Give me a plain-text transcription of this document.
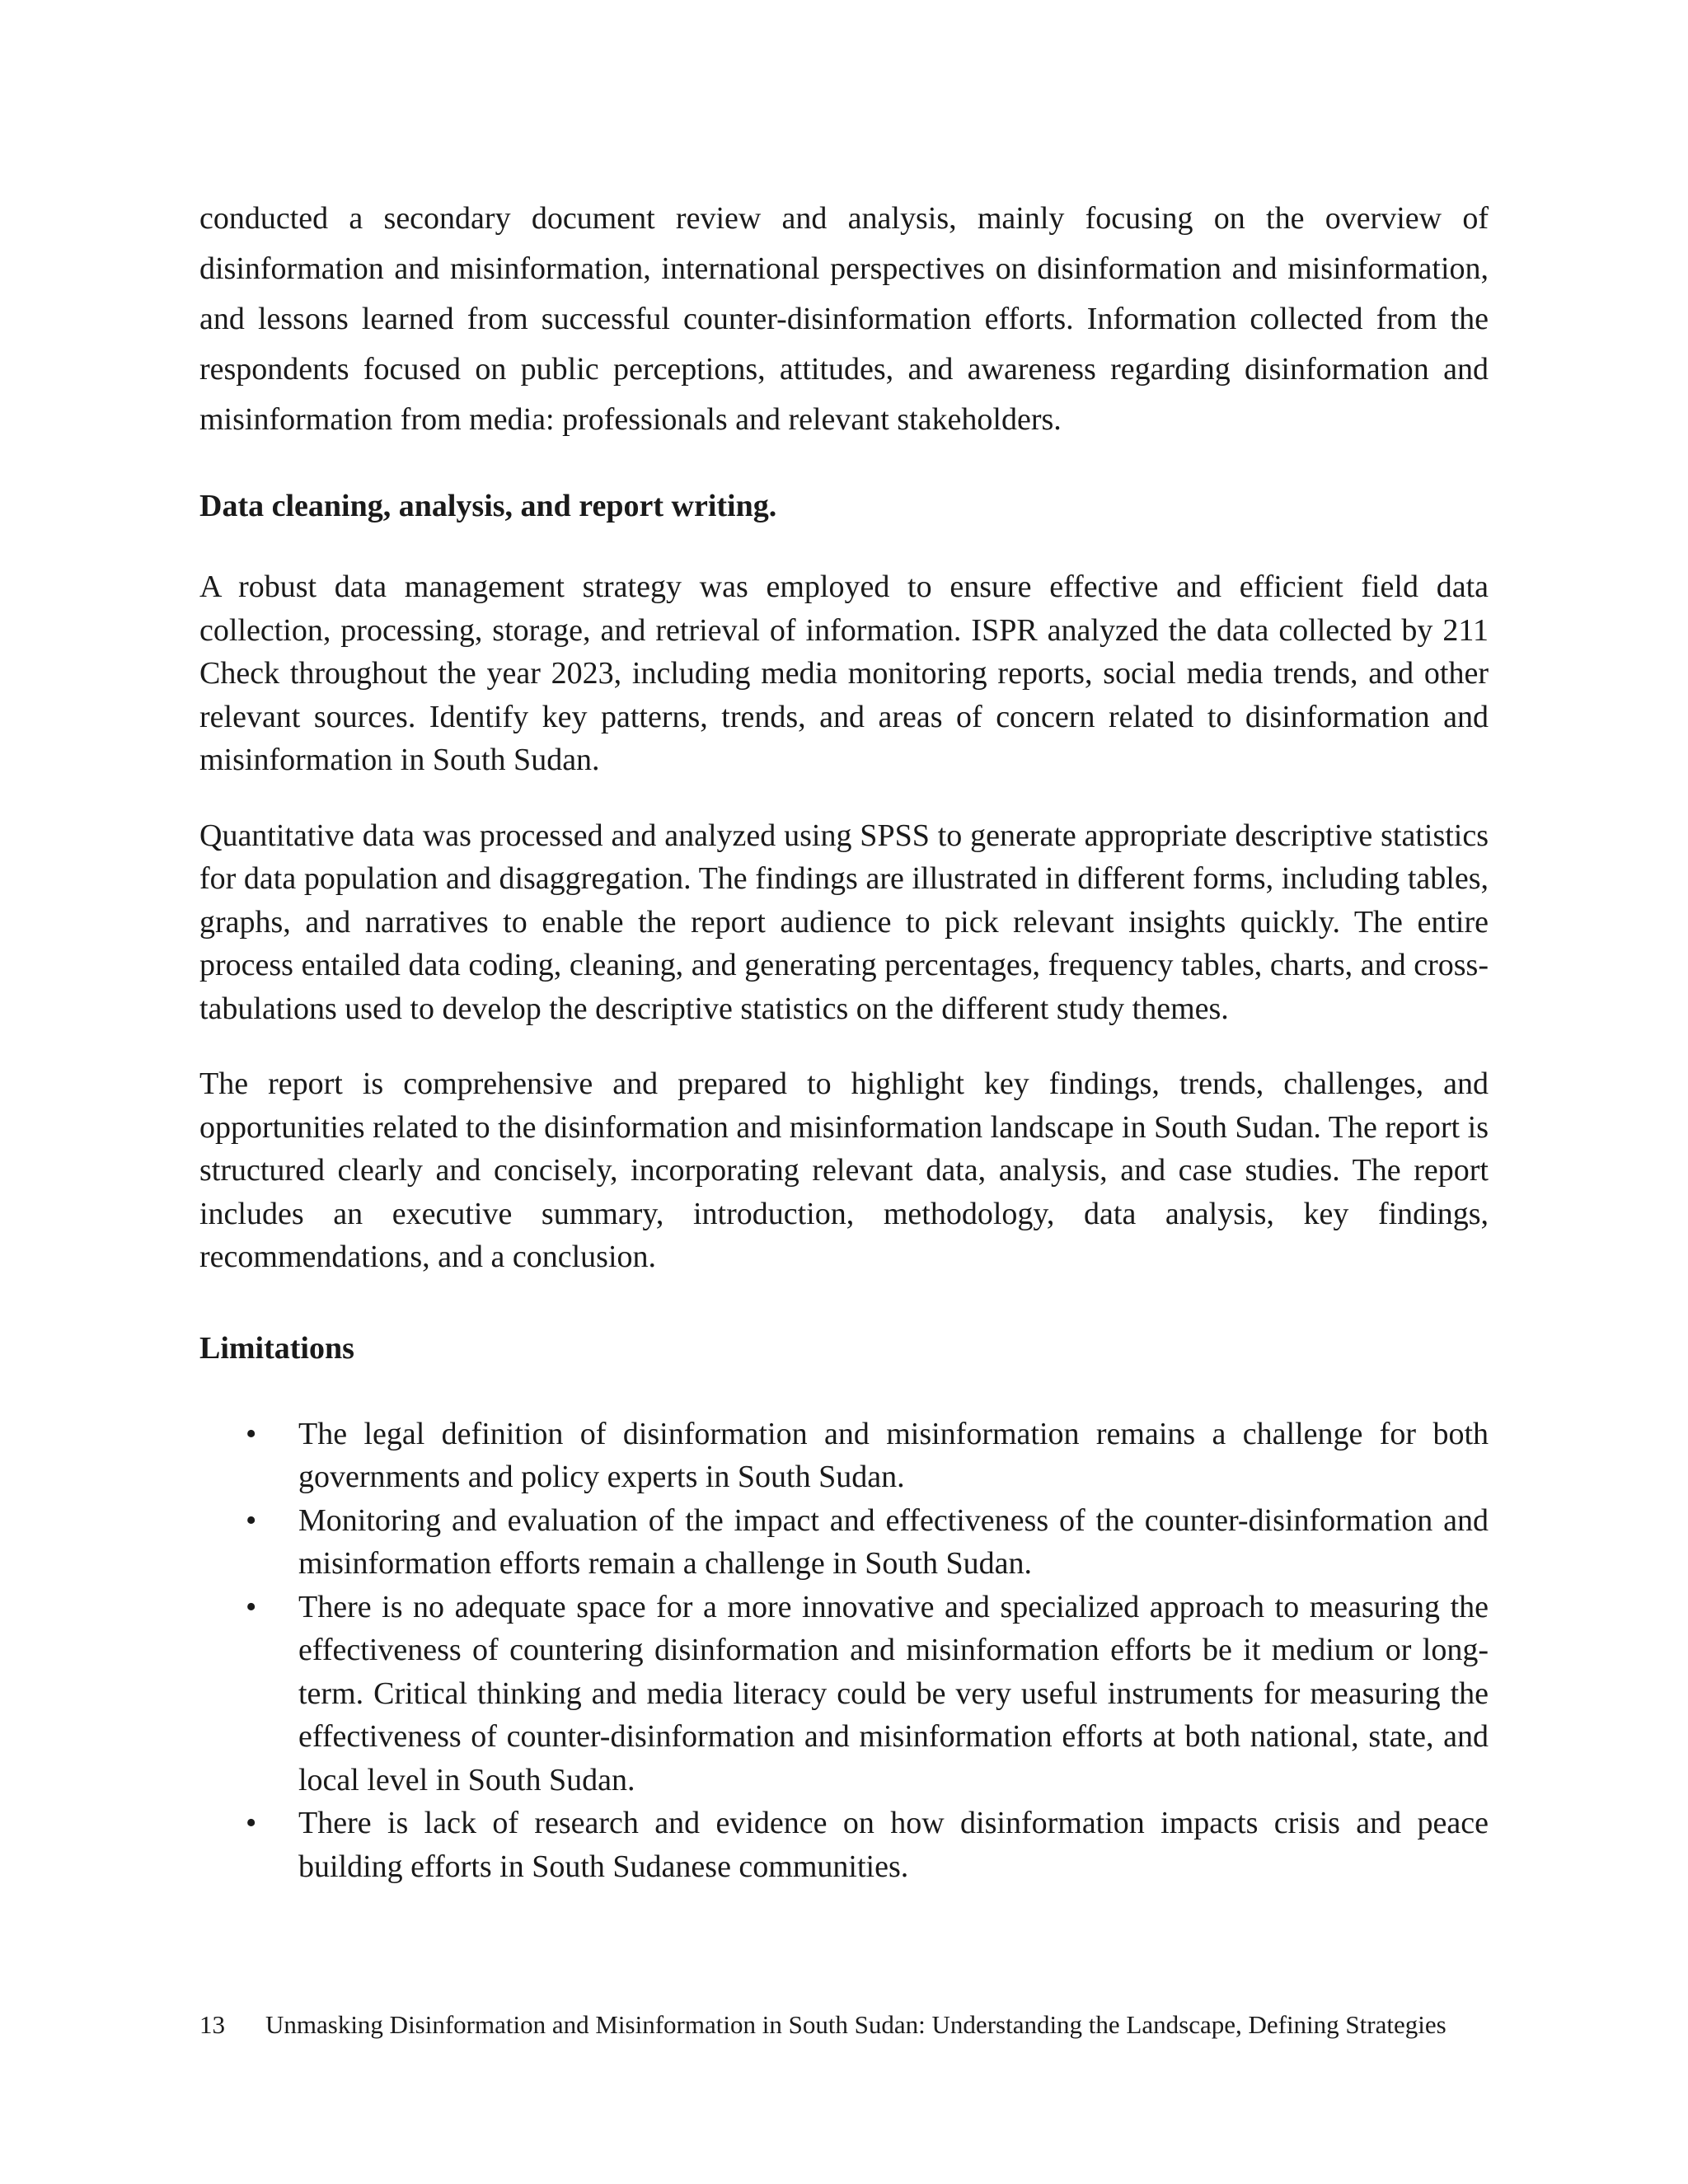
conducted a secondary document review and analysis, mainly focusing on the overview of disinformation and misinformation, international perspectives on disinformation and misinformation, and lessons learned from successful counter-disinformation efforts. Information collected from the respondents focused on public perceptions, attitudes, and awareness regarding disinformation and misinformation from media: professionals and relevant stakeholders.

Data cleaning, analysis, and report writing.

A robust data management strategy was employed to ensure effective and efficient field data collection, processing, storage, and retrieval of information. ISPR analyzed the data collected by 211 Check throughout the year 2023, including media monitoring reports, social media trends, and other relevant sources. Identify key patterns, trends, and areas of concern related to disinformation and misinformation in South Sudan.

Quantitative data was processed and analyzed using SPSS to generate appropriate descriptive statistics for data population and disaggregation. The findings are illustrated in different forms, including tables, graphs, and narratives to enable the report audience to pick relevant insights quickly. The entire process entailed data coding, cleaning, and generating percentages, frequency tables, charts, and cross-tabulations used to develop the descriptive statistics on the different study themes.

The report is comprehensive and prepared to highlight key findings, trends, challenges, and opportunities related to the disinformation and misinformation landscape in South Sudan. The report is structured clearly and concisely, incorporating relevant data, analysis, and case studies. The report includes an executive summary, introduction, methodology, data analysis, key findings, recommendations, and a conclusion.

Limitations
• The legal definition of disinformation and misinformation remains a challenge for both governments and policy experts in South Sudan.
• Monitoring and evaluation of the impact and effectiveness of the counter-disinformation and misinformation efforts remain a challenge in South Sudan.
• There is no adequate space for a more innovative and specialized approach to measuring the effectiveness of countering disinformation and misinformation efforts be it medium or long-term. Critical thinking and media literacy could be very useful instruments for measuring the effectiveness of counter-disinformation and misinformation efforts at both national, state, and local level in South Sudan.
• There is lack of research and evidence on how disinformation impacts crisis and peace building efforts in South Sudanese communities.
13 Unmasking Disinformation and Misinformation in South Sudan: Understanding the Landscape, Defining Strategies
